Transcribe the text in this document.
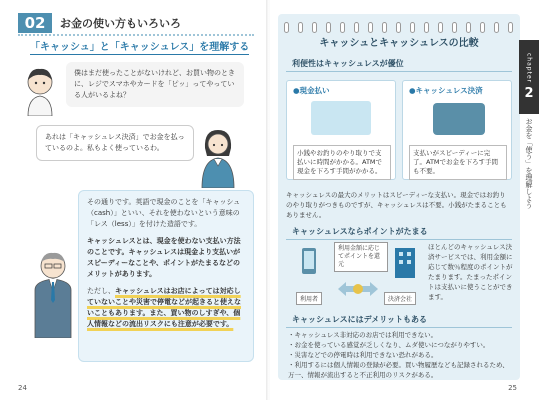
02	お金の使い方もいろいろ
「キャッシュ」と「キャッシュレス」を理解する
僕はまだ使ったことがないけれど、お買い物のときに、レジでスマホやカードを「ピッ」ってやっている人がいるよね？
あれは「キャッシュレス決済」でお金を払っているのよ。私もよく使っているわ。

その通りです。英語で現金のことを「キャッシュ（cash）」といい、それを使わないという意味の「レス（less）」を付けた造語です。

キャッシュレスとは、現金を使わない支払い方法のことです。キャッシュレスは現金より支払いがスピーディーなことや、ポイントがたまるなどのメリットがあります。

ただし、キャッシュレスはお店によっては対応していないことや災害で停電などが起きると使えないこともあります。また、買い物のしすぎや、個人情報などの流出リスクにも注意が必要です。

24
キャッシュとキャッシュレスの比較
利便性はキャッシュレスが優位
●現金払い
小銭やお釣りのやり取りで支払いに時間がかかる。ATMで現金を下ろす手間がかかる。
●キャッシュレス決済
支払いがスピーディーに完了。ATMでお金を下ろす手間も不要。
キャッシュレスの最大のメリットはスピーディーな支払い。現金ではお釣りのやり取りがつきものですが、キャッシュレスは不要。小銭がたまることもありません。
キャッシュレスならポイントがたまる
利用金額に応じてポイントを還元
利用者	決済会社
ほとんどのキャッシュレス決済サービスでは、利用金額に応じて数％程度のポイントがたまります。たまったポイントは支払いに使うことができます。
キャッシュレスにはデメリットもある
・キャッシュレス非対応のお店では利用できない。
・お金を使っている感覚が乏しくなり、ムダ使いにつながりやすい。
・災害などでの停電時は利用できない恐れがある。
・利用するには個人情報の登録が必要。買い物履歴なども記録されるため、万一、情報が流出すると不正利用のリスクがある。
chapter
2
お金を「使う」を理解しよう
25
